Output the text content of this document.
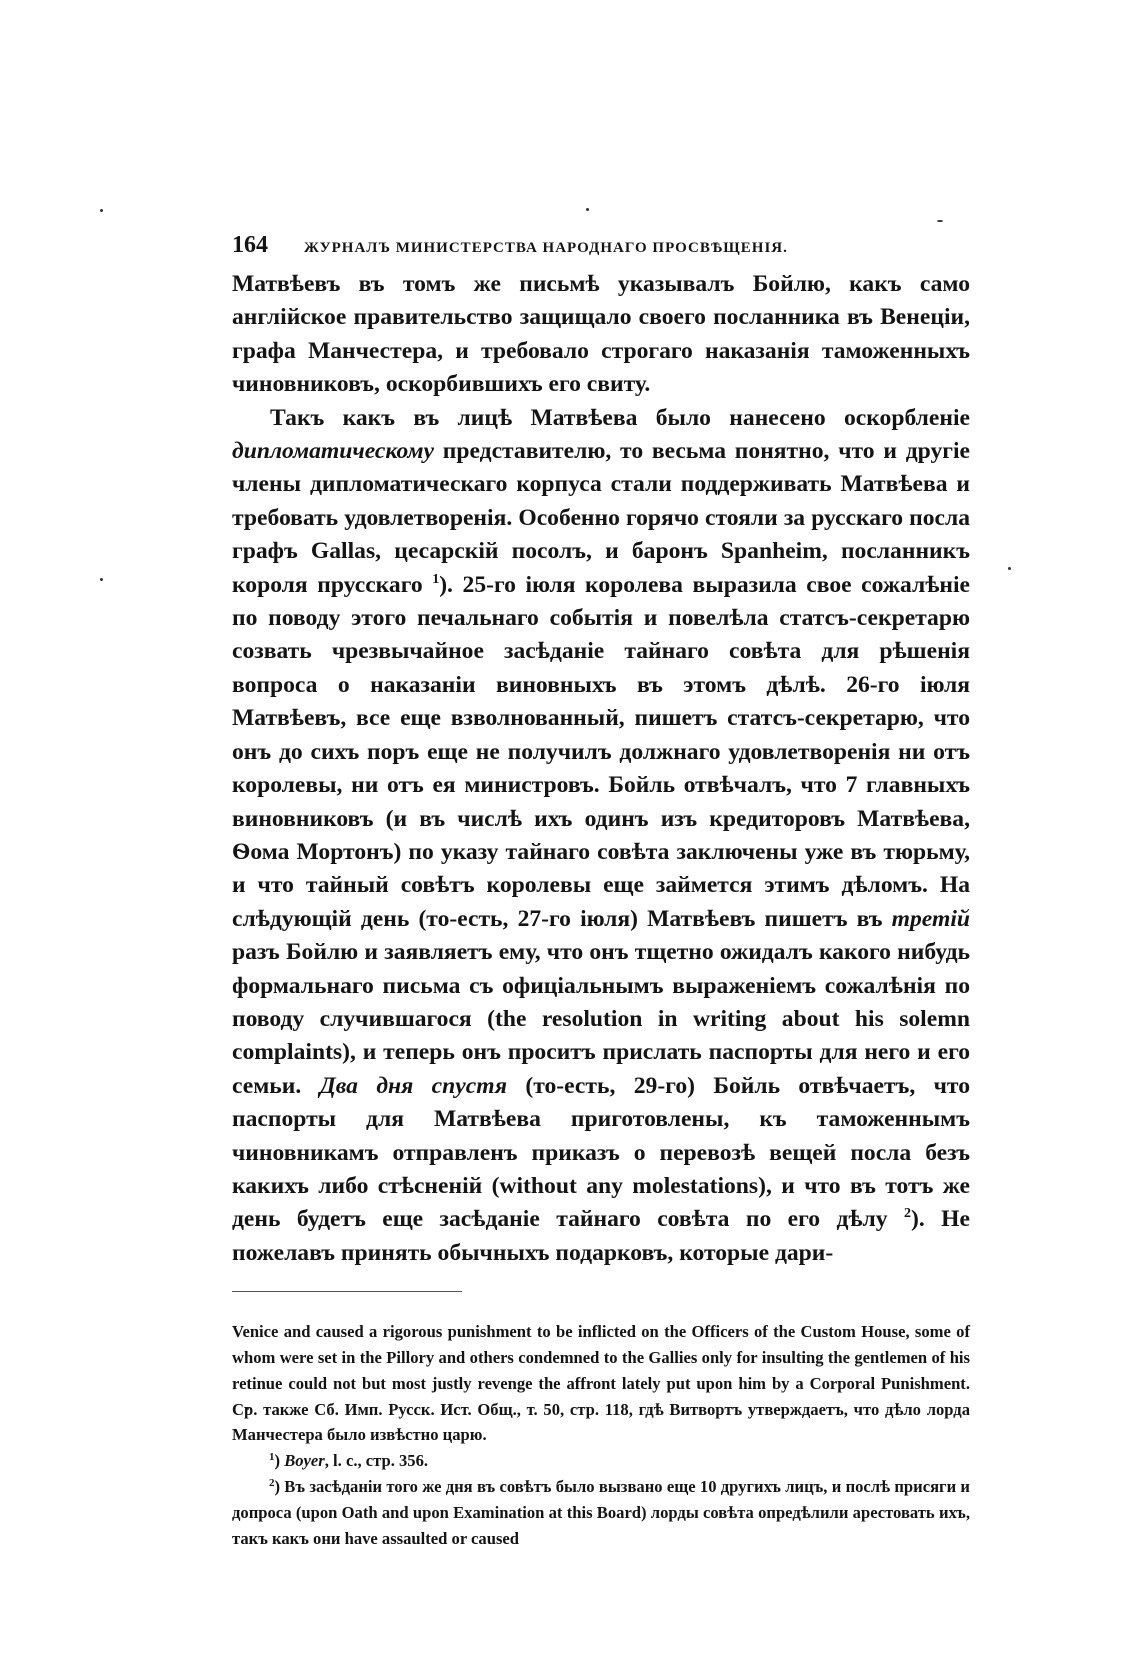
164	ЖУРНАЛЪ МИНИСТЕРСТВА НАРОДНАГО ПРОСВѢЩЕНІЯ.

Матвѣевъ въ томъ же письмѣ указывалъ Бойлю, какъ само англійское правительство защищало своего посланника въ Венеціи, графа Манчестера, и требовало строгаго наказанія таможенныхъ чиновниковъ, оскорбившихъ его свиту.

Такъ какъ въ лицѣ Матвѣева было нанесено оскорбленіе дипломатическому представителю, то весьма понятно, что и другіе члены дипломатическаго корпуса стали поддерживать Матвѣева и требовать удовлетворенія. Особенно горячо стояли за русскаго посла графъ Gallas, цесарскій посолъ, и баронъ Spanheim, посланникъ короля прусскаго $^1$). 25-го іюля королева выразила свое сожалѣніе по поводу этого печальнаго событія и повелѣла статсъ-секретарю созвать чрезвычайное засѣданіе тайнаго совѣта для рѣшенія вопроса о наказаніи виновныхъ въ этомъ дѣлѣ. 26-го іюля Матвѣевъ, все еще взволнованный, пишетъ статсъ-секретарю, что онъ до сихъ поръ еще не получилъ должнаго удовлетворенія ни отъ королевы, ни отъ ея министровъ. Бойль отвѣчалъ, что 7 главныхъ виновниковъ (и въ числѣ ихъ одинъ изъ кредиторовъ Матвѣева, Ѳома Мортонъ) по указу тайнаго совѣта заключены уже въ тюрьму, и что тайный совѣтъ королевы еще займется этимъ дѣломъ. На слѣдующій день (то-есть, 27-го іюля) Матвѣевъ пишетъ въ третій разъ Бойлю и заявляетъ ему, что онъ тщетно ожидалъ какого нибудь формальнаго письма съ офиціальнымъ выраженіемъ сожалѣнія по поводу случившагося (the resolution in writing about his solemn complaints), и теперь онъ проситъ прислать паспорты для него и его семьи. Два дня спустя (то-есть, 29-го) Бойль отвѣчаетъ, что паспорты для Матвѣева приготовлены, къ таможеннымъ чиновникамъ отправленъ приказъ о перевозѣ вещей посла безъ какихъ либо стѣсненій (without any molestations), и что въ тотъ же день будетъ еще засѣданіе тайнаго совѣта по его дѣлу $^2$). Не пожелавъ принять обычныхъ подарковъ, которые дари-

Venice and caused a rigorous punishment to be inflicted on the Officers of the Custom House, some of whom were set in the Pillory and others condemned to the Gallies only for insulting the gentlemen of his retinue could not but most justly revenge the affront lately put upon him by a Corporal Punishment. Ср. также Сб. Имп. Русск. Ист. Общ., т. 50, стр. 118, гдѣ Витвортъ утверждаетъ, что дѣло лорда Манчестера было извѣстно царю.

$^1$) Boyer, l. c., стр. 356.

$^2$) Въ засѣданіи того же дня въ совѣтъ было вызвано еще 10 другихъ лицъ, и послѣ присяги и допроса (upon Oath and upon Examination at this Board) лорды совѣта опредѣлили арестовать ихъ, такъ какъ они have assaulted or caused
